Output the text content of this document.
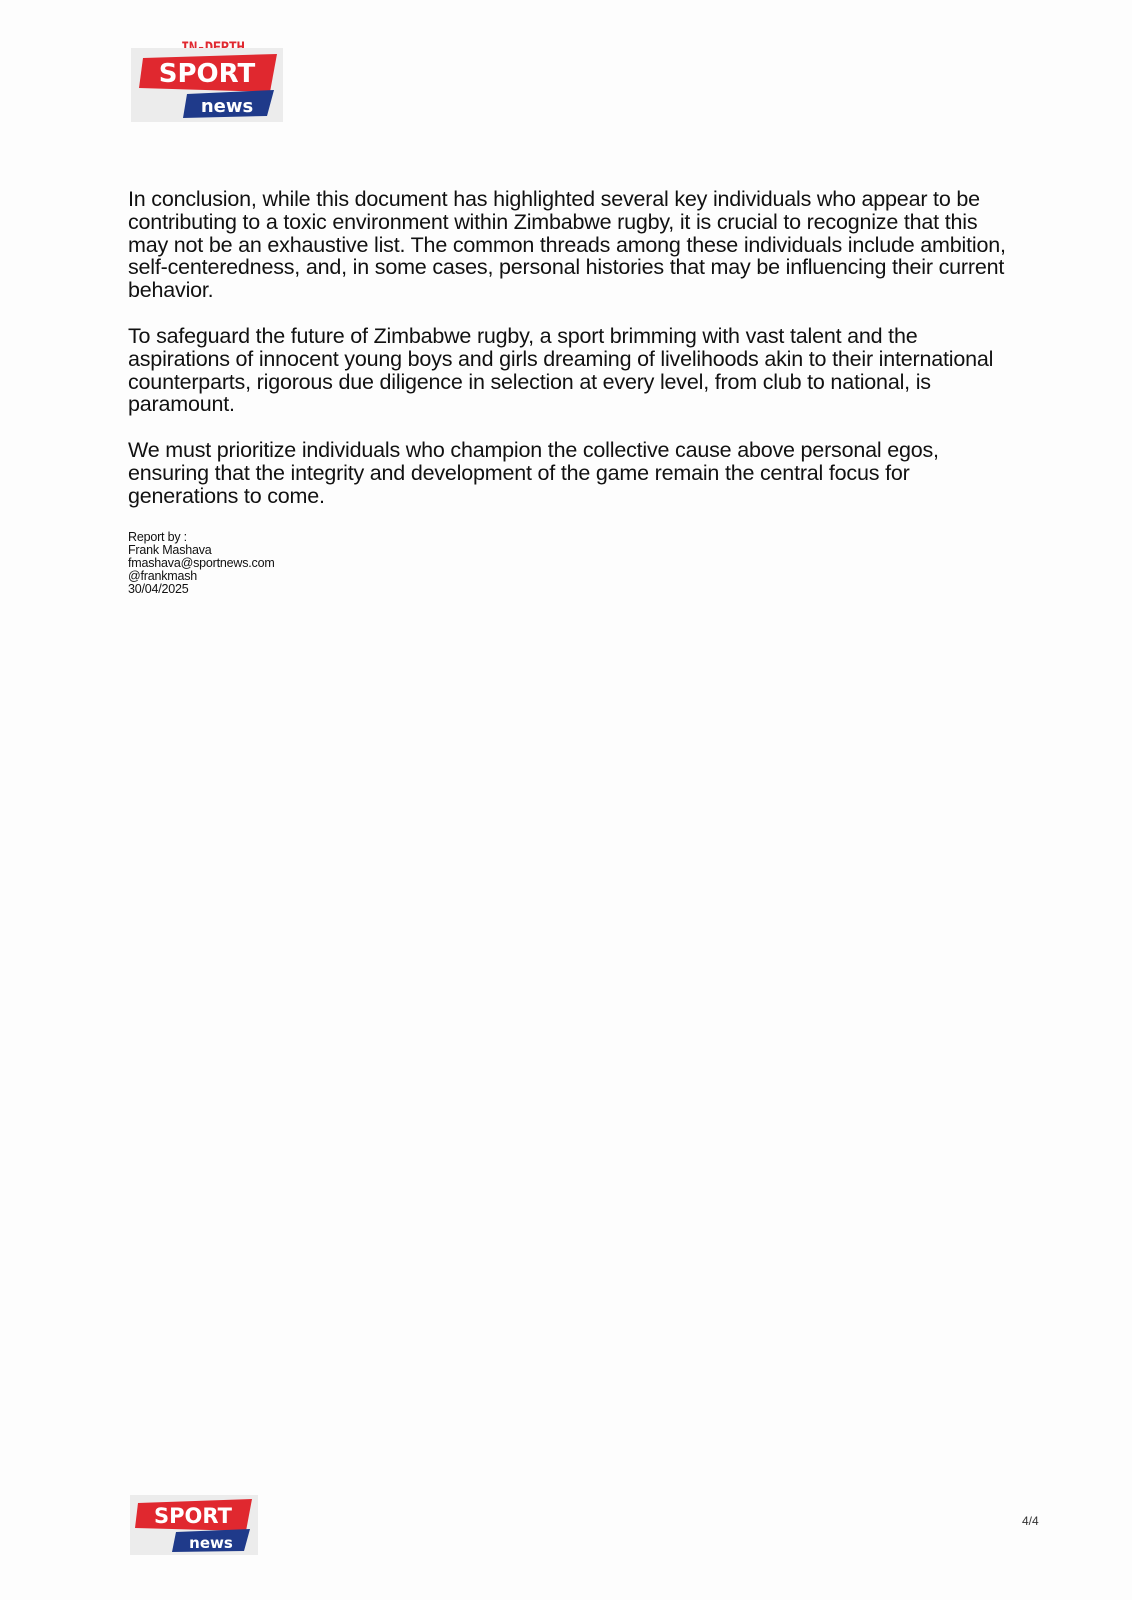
SPORT
news

In conclusion, while this document has highlighted several key individuals who appear to be contributing to a toxic environment within Zimbabwe rugby, it is crucial to recognize that this may not be an exhaustive list. The common threads among these individuals include ambition, self-centeredness, and, in some cases, personal histories that may be influencing their current behavior.

To safeguard the future of Zimbabwe rugby, a sport brimming with vast talent and the aspirations of innocent young boys and girls dreaming of livelihoods akin to their international counterparts, rigorous due diligence in selection at every level, from club to national, is paramount.

We must prioritize individuals who champion the collective cause above personal egos, ensuring that the integrity and development of the game remain the central focus for generations to come.

Report by :
Frank Mashava
fmashava@sportnews.com
@frankmash
30/04/2025
SPORT
news
4/4
